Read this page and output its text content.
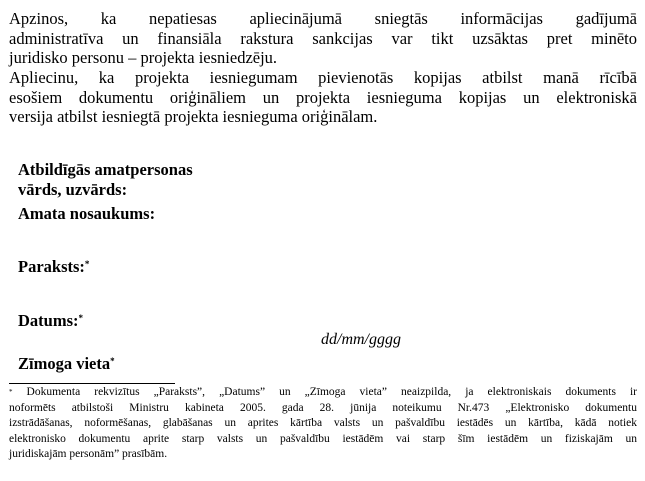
Apzinos, ka nepatiesas apliecinājumā sniegtās informācijas gadījumā
administratīva un finansiāla rakstura sankcijas var tikt uzsāktas pret minēto
juridisko personu – projekta iesniedzēju.
Apliecinu, ka projekta iesniegumam pievienotās kopijas atbilst manā rīcībā
esošiem dokumentu oriģināliem un projekta iesnieguma kopijas un elektroniskā
versija atbilst iesniegtā projekta iesnieguma oriģinālam.
Atbildīgās amatpersonas
vārds, uzvārds:
Amata nosaukums:
Paraksts:*
Datums:*
dd/mm/gggg
Zīmoga vieta*
* Dokumenta rekvizītus „Paraksts”, „Datums” un „Zīmoga vieta” neaizpilda, ja elektroniskais dokuments ir
noformēts atbilstoši Ministru kabineta 2005. gada 28. jūnija noteikumu Nr.473 „Elektronisko dokumentu
izstrādāšanas, noformēšanas, glabāšanas un aprites kārtība valsts un pašvaldību iestādēs un kārtība, kādā notiek
elektronisko dokumentu aprite starp valsts un pašvaldību iestādēm vai starp šīm iestādēm un fiziskajām un
juridiskajām personām” prasībām.
